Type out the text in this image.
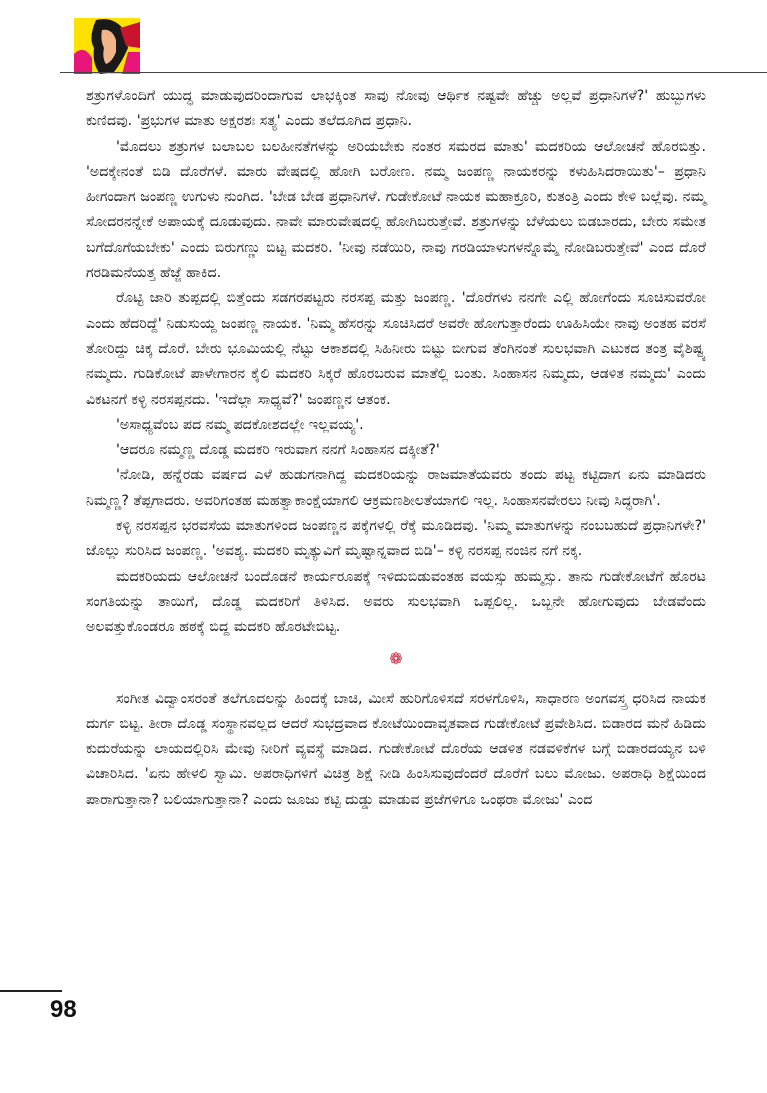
ಶತ್ರುಗಳೊಂದಿಗೆ ಯುದ್ಧ ಮಾಡುವುದರಿಂದಾಗುವ ಲಾಭಕ್ಕಿಂತ ಸಾವು ನೋವು ಆರ್ಥಿಕ ನಷ್ಟವೇ ಹೆಚ್ಚು ಅಲ್ಲವೆ ಪ್ರಧಾನಿಗಳೆ?' ಹುಬ್ಬುಗಳು ಕುಣಿದವು. 'ಪ್ರಭುಗಳ ಮಾತು ಅಕ್ಷರಶಃ ಸತ್ಯ' ಎಂದು ತಲೆದೂಗಿದ ಪ್ರಧಾನಿ.

'ಮೊದಲು ಶತ್ರುಗಳ ಬಲಾಬಲ ಬಲಹೀನತೆಗಳನ್ನು ಅರಿಯಬೇಕು ನಂತರ ಸಮರದ ಮಾತು' ಮದಕರಿಯ ಆಲೋಚನೆ ಹೊರಬಿತ್ತು. 'ಅದಕ್ಕೇನಂತೆ ಬಿಡಿ ದೊರೆಗಳೆ. ಮಾರು ವೇಷದಲ್ಲಿ ಹೋಗಿ ಬರೋಣ. ನಮ್ಮ ಜಂಪಣ್ಣ ನಾಯಕರನ್ನು ಕಳುಹಿಸಿದರಾಯಿತು'– ಪ್ರಧಾನಿ ಹೀಗಂದಾಗ ಜಂಪಣ್ಣ ಉಗುಳು ನುಂಗಿದ. 'ಬೇಡ ಬೇಡ ಪ್ರಧಾನಿಗಳೆ. ಗುಡೇಕೋಟೆ ನಾಯಕ ಮಹಾಕ್ರೂರಿ, ಕುತಂತ್ರಿ ಎಂದು ಕೇಳಿ ಬಲ್ಲೆವು. ನಮ್ಮ ಸೋದರನನ್ನೇಕೆ ಅಪಾಯಕ್ಕೆ ದೂಡುವುದು. ನಾವೇ ಮಾರುವೇಷದಲ್ಲಿ ಹೋಗಿಬರುತ್ತೇವೆ. ಶತ್ರುಗಳನ್ನು ಬೆಳೆಯಲು ಬಿಡಬಾರದು, ಬೇರು ಸಮೇತ ಬಗೆದೊಗೆಯಬೇಕು' ಎಂದು ಬಿರುಗಣ್ಣು ಬಿಟ್ಟ ಮದಕರಿ. 'ನೀವು ನಡೆಯಿರಿ, ನಾವು ಗರಡಿಯಾಳುಗಳನ್ನೊಮ್ಮೆ ನೋಡಿಬರುತ್ತೇವೆ' ಎಂದ ದೊರೆ ಗರಡಿಮನೆಯತ್ತ ಹೆಜ್ಜೆ ಹಾಕಿದ.

ರೊಟ್ಟಿ ಜಾರಿ ತುಪ್ಪದಲ್ಲಿ ಬಿತ್ತೆಂದು ಸಡಗರಪಟ್ಟರು ನರಸಪ್ಪ ಮತ್ತು ಜಂಪಣ್ಣ. 'ದೊರೆಗಳು ನನಗೇ ಎಲ್ಲಿ ಹೋಗೆಂದು ಸೂಚಿಸುವರೋ ಎಂದು ಹೆದರಿದ್ದೆ' ನಿಡುಸುಯ್ದ ಜಂಪಣ್ಣ ನಾಯಕ. 'ನಿಮ್ಮ ಹೆಸರನ್ನು ಸೂಚಿಸಿದರೆ ಅವರೇ ಹೋಗುತ್ತಾರೆಂದು ಊಹಿಸಿಯೇ ನಾವು ಅಂತಹ ವರಸೆ ತೋರಿದ್ದು ಚಿಕ್ಕ ದೊರೆ. ಬೇರು ಭೂಮಿಯಲ್ಲಿ ನೆಟ್ಟು ಆಕಾಶದಲ್ಲಿ ಸಿಹಿನೀರು ಬಿಟ್ಟು ಬೀಗುವ ತೆಂಗಿನಂತೆ ಸುಲಭವಾಗಿ ಎಟುಕದ ತಂತ್ರ ವೈಶಿಷ್ಟ್ಯ ನಮ್ಮದು. ಗುಡಿಕೋಟೆ ಪಾಳೇಗಾರನ ಕೈಲಿ ಮದಕರಿ ಸಿಕ್ಕರೆ ಹೊರಬರುವ ಮಾತೆಲ್ಲಿ ಬಂತು. ಸಿಂಹಾಸನ ನಿಮ್ಮದು, ಆಡಳಿತ ನಮ್ಮದು' ಎಂದು ವಿಕಟನಗೆ ಕಳ್ಳಿ ನರಸಪ್ಪನದು. 'ಇದೆಲ್ಲಾ ಸಾಧ್ಯವೆ?' ಜಂಪಣ್ಣನ ಆತಂಕ.

'ಅಸಾಧ್ಯವೆಂಬ ಪದ ನಮ್ಮ ಪದಕೋಶದಲ್ಲೇ ಇಲ್ಲವಯ್ಯ'.

'ಆದರೂ ನಮ್ಮಣ್ಣ ದೊಡ್ಡ ಮದಕರಿ ಇರುವಾಗ ನನಗೆ ಸಿಂಹಾಸನ ದಕ್ಕೀತೆ?'

'ನೋಡಿ, ಹನ್ನೆರಡು ವರ್ಷದ ಎಳೆ ಹುಡುಗನಾಗಿದ್ದ ಮದಕರಿಯನ್ನು ರಾಜಮಾತೆಯವರು ತಂದು ಪಟ್ಟ ಕಟ್ಟಿದಾಗ ಏನು ಮಾಡಿದರು ನಿಮ್ಮಣ್ಣ? ತೆಪ್ಪಗಾದರು. ಅವರಿಗಂತಹ ಮಹತ್ವಾಕಾಂಕ್ಷೆಯಾಗಲಿ ಆಕ್ರಮಣಶೀಲತೆಯಾಗಲಿ ಇಲ್ಲ. ಸಿಂಹಾಸನವೇರಲು ನೀವು ಸಿದ್ಧರಾಗಿ'.

ಕಳ್ಳಿ ನರಸಪ್ಪನ ಭರವಸೆಯ ಮಾತುಗಳಿಂದ ಜಂಪಣ್ಣನ ಪಕ್ಕೆಗಳಲ್ಲಿ ರೆಕ್ಕೆ ಮೂಡಿದವು. 'ನಿಮ್ಮ ಮಾತುಗಳನ್ನು ನಂಬಬಹುದೆ ಪ್ರಧಾನಿಗಳೇ?' ಜೊಲ್ಲು ಸುರಿಸಿದ ಜಂಪಣ್ಣ. 'ಅವಶ್ಯ. ಮದಕರಿ ಮೃತ್ಯುವಿಗೆ ಮೃಷ್ಟಾನ್ನವಾದ ಬಿಡಿ'– ಕಳ್ಳಿ ನರಸಪ್ಪ ನಂಜಿನ ನಗೆ ನಕ್ಕ.

ಮದಕರಿಯದು ಆಲೋಚನೆ ಬಂದೊಡನೆ ಕಾರ್ಯರೂಪಕ್ಕೆ ಇಳಿದುಬಿಡುವಂತಹ ವಯಸ್ಸು ಹುಮ್ಮಸ್ಸು. ತಾನು ಗುಡೇಕೋಟೆಗೆ ಹೊರಟ ಸಂಗತಿಯನ್ನು ತಾಯಿಗೆ, ದೊಡ್ಡ ಮದಕರಿಗೆ ತಿಳಿಸಿದ. ಅವರು ಸುಲಭವಾಗಿ ಒಪ್ಪಲಿಲ್ಲ. ಒಬ್ಬನೇ ಹೋಗುವುದು ಬೇಡವೆಂದು ಅಲವತ್ತುಕೊಂಡರೂ ಹಠಕ್ಕೆ ಬಿದ್ದ ಮದಕರಿ ಹೊರಟೇಬಿಟ್ಟ.

❁

ಸಂಗೀತ ವಿದ್ವಾಂಸರಂತೆ ತಲೆಗೂದಲನ್ನು ಹಿಂದಕ್ಕೆ ಬಾಚಿ, ಮೀಸೆ ಹುರಿಗೊಳಿಸದೆ ಸರಳಗೊಳಿಸಿ, ಸಾಧಾರಣ ಅಂಗವಸ್ತ್ರ ಧರಿಸಿದ ನಾಯಕ ದುರ್ಗ ಬಿಟ್ಟ. ತೀರಾ ದೊಡ್ಡ ಸಂಸ್ಥಾನವಲ್ಲದ ಆದರೆ ಸುಭದ್ರವಾದ ಕೋಟೆಯಿಂದಾವೃತವಾದ ಗುಡೇಕೋಟೆ ಪ್ರವೇಶಿಸಿದ. ಬಿಡಾರದ ಮನೆ ಹಿಡಿದು ಕುದುರೆಯನ್ನು ಲಾಯದಲ್ಲಿರಿಸಿ ಮೇವು ನೀರಿಗೆ ವ್ಯವಸ್ಥೆ ಮಾಡಿದ. ಗುಡೇಕೋಟೆ ದೊರೆಯ ಆಡಳಿತ ನಡವಳಿಕೆಗಳ ಬಗ್ಗೆ ಬಿಡಾರದಯ್ಯನ ಬಳಿ ವಿಚಾರಿಸಿದ. 'ಏನು ಹೇಳಲಿ ಸ್ವಾಮಿ. ಅಪರಾಧಿಗಳಿಗೆ ವಿಚಿತ್ರ ಶಿಕ್ಷೆ ನೀಡಿ ಹಿಂಸಿಸುವುದೆಂದರೆ ದೊರೆಗೆ ಬಲು ಮೋಜು. ಅಪರಾಧಿ ಶಿಕ್ಷೆಯಿಂದ ಪಾರಾಗುತ್ತಾನಾ? ಬಲಿಯಾಗುತ್ತಾನಾ? ಎಂದು ಜೂಜು ಕಟ್ಟಿ ದುಡ್ಡು ಮಾಡುವ ಪ್ರಜೆಗಳಿಗೂ ಒಂಥರಾ ಮೋಜು' ಎಂದ

98
